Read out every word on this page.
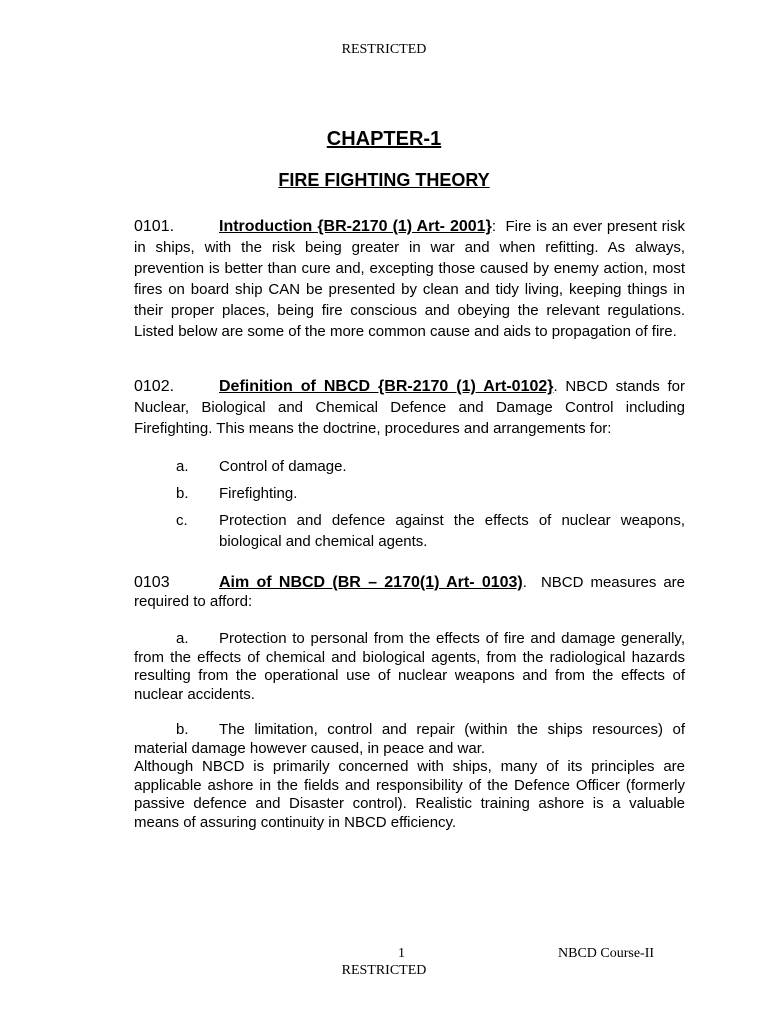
RESTRICTED
CHAPTER-1
FIRE FIGHTING THEORY
0101.	Introduction {BR-2170 (1) Art- 2001}: Fire is an ever present risk in ships, with the risk being greater in war and when refitting. As always, prevention is better than cure and, excepting those caused by enemy action, most fires on board ship CAN be presented by clean and tidy living, keeping things in their proper places, being fire conscious and obeying the relevant regulations. Listed below are some of the more common cause and aids to propagation of fire.
0102.	Definition of NBCD {BR-2170 (1) Art-0102}. NBCD stands for Nuclear, Biological and Chemical Defence and Damage Control including Firefighting. This means the doctrine, procedures and arrangements for:
a. Control of damage.
b. Firefighting.
c. Protection and defence against the effects of nuclear weapons, biological and chemical agents.
0103	Aim of NBCD (BR – 2170(1) Art- 0103). NBCD measures are required to afford:
a. Protection to personal from the effects of fire and damage generally, from the effects of chemical and biological agents, from the radiological hazards resulting from the operational use of nuclear weapons and from the effects of nuclear accidents.
b. The limitation, control and repair (within the ships resources) of material damage however caused, in peace and war.
Although NBCD is primarily concerned with ships, many of its principles are applicable ashore in the fields and responsibility of the Defence Officer (formerly passive defence and Disaster control). Realistic training ashore is a valuable means of assuring continuity in NBCD efficiency.
1	NBCD Course-II
RESTRICTED
